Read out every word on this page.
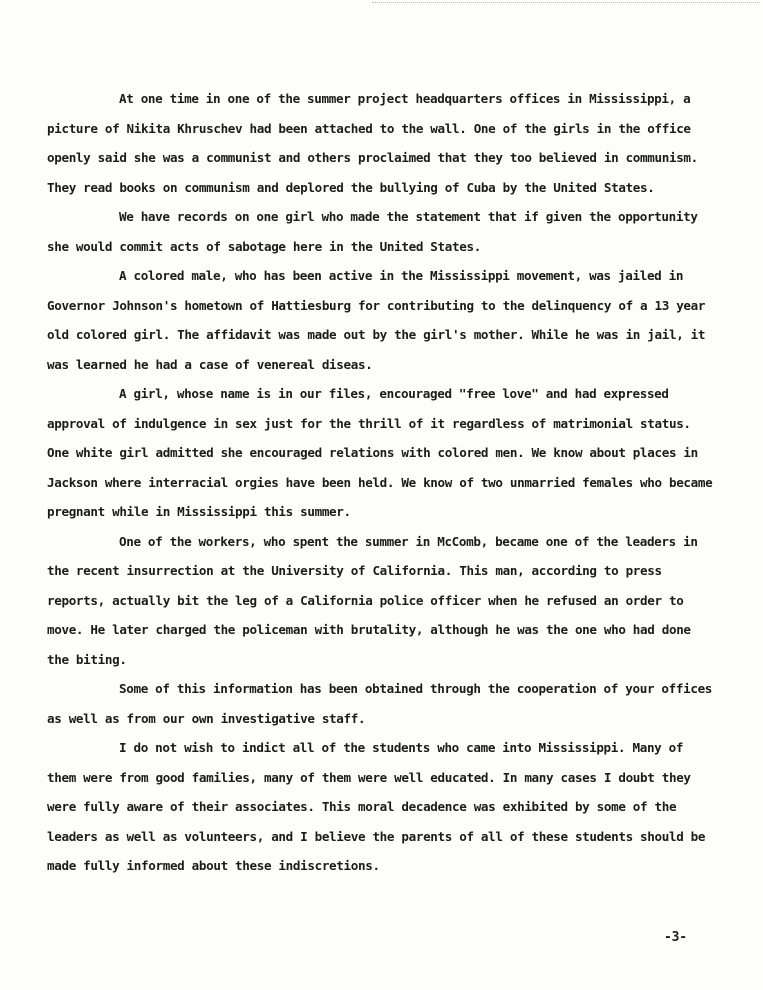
At one time in one of the summer project headquarters offices in Mississippi, a picture of Nikita Khruschev had been attached to the wall. One of the girls in the office openly said she was a communist and others proclaimed that they too believed in communism. They read books on communism and deplored the bullying of Cuba by the United States.

We have records on one girl who made the statement that if given the opportunity she would commit acts of sabotage here in the United States.

A colored male, who has been active in the Mississippi movement, was jailed in Governor Johnson's hometown of Hattiesburg for contributing to the delinquency of a 13 year old colored girl. The affidavit was made out by the girl's mother. While he was in jail, it was learned he had a case of venereal diseas.

A girl, whose name is in our files, encouraged "free love" and had expressed approval of indulgence in sex just for the thrill of it regardless of matrimonial status. One white girl admitted she encouraged relations with colored men. We know about places in Jackson where interracial orgies have been held. We know of two unmarried females who became pregnant while in Mississippi this summer.

One of the workers, who spent the summer in McComb, became one of the leaders in the recent insurrection at the University of California. This man, according to press reports, actually bit the leg of a California police officer when he refused an order to move. He later charged the policeman with brutality, although he was the one who had done the biting.

Some of this information has been obtained through the cooperation of your offices as well as from our own investigative staff.

I do not wish to indict all of the students who came into Mississippi. Many of them were from good families, many of them were well educated. In many cases I doubt they were fully aware of their associates. This moral decadence was exhibited by some of the leaders as well as volunteers, and I believe the parents of all of these students should be made fully informed about these indiscretions.

-3-
